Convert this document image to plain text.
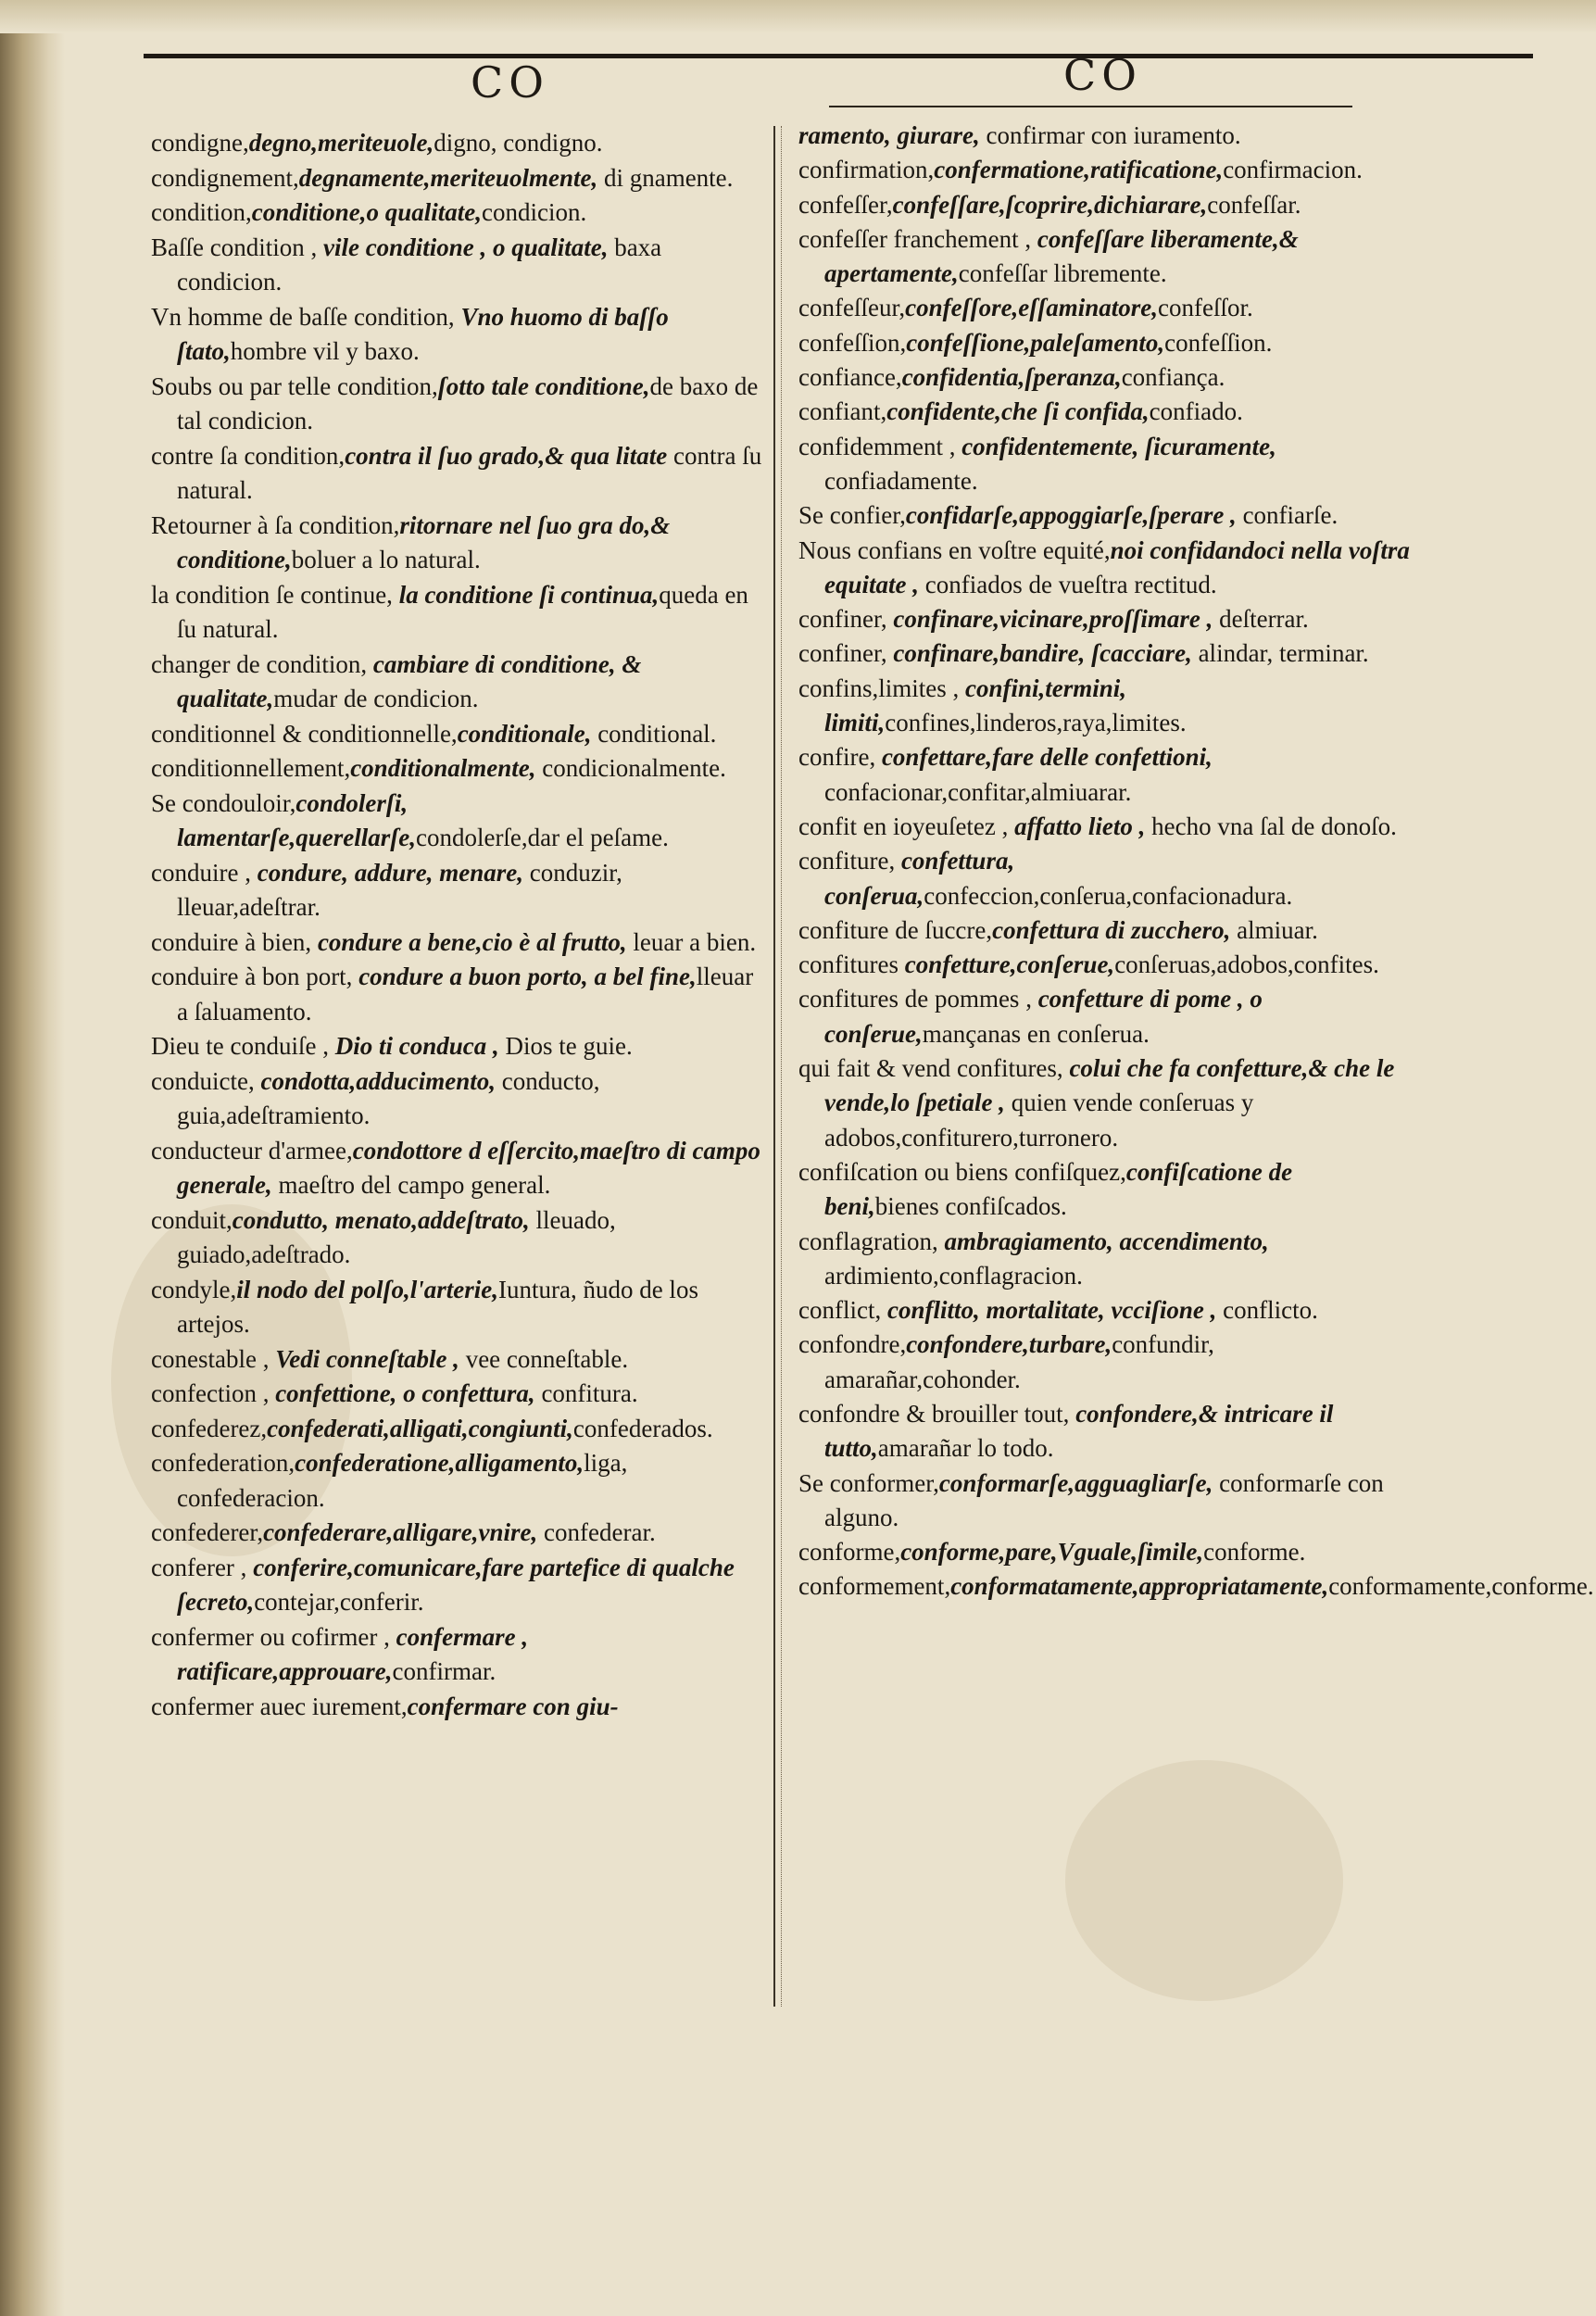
CO	CO

condigne,degno,meriteuole,digno, condigno.

condignement,degnamente,meriteuolmente, di gnamente.

condition,conditione,o qualitate,condicion.

Baſſe condition , vile conditione , o qualitate, baxa condicion.

Vn homme de baſſe condition, Vno huomo di baſſo ſtato,hombre vil y baxo.

Soubs ou par telle condition,ſotto tale conditione,de baxo de tal condicion.

contre ſa condition,contra il ſuo grado,& qua litate contra ſu natural.

Retourner à ſa condition,ritornare nel ſuo gra do,& conditione,boluer a lo natural.

la condition ſe continue, la conditione ſi continua,queda en ſu natural.

changer de condition, cambiare di conditione, & qualitate,mudar de condicion.

conditionnel & conditionnelle,conditionale, conditional.

conditionnellement,conditionalmente, condicionalmente.

Se condouloir,condolerſi, lamentarſe,querellarſe,condolerſe,dar el peſame.

conduire , condure, addure, menare, conduzir, lleuar,adeſtrar.

conduire à bien, condure a bene,cio è al frutto, leuar a bien.

conduire à bon port, condure a buon porto, a bel fine,lleuar a ſaluamento.

Dieu te conduiſe , Dio ti conduca , Dios te guie.

conduicte, condotta,adducimento, conducto, guia,adeſtramiento.

conducteur d'armee,condottore d eſſercito,maeſtro di campo generale, maeſtro del campo general.

conduit,condutto, menato,addeſtrato, lleuado, guiado,adeſtrado.

condyle,il nodo del polſo,l'arterie,Iuntura, ñudo de los artejos.

conestable , Vedi conneſtable , vee conneſtable.

confection , confettione, o confettura, confitura.

confederez,confederati,alligati,congiunti,confederados.

confederation,confederatione,alligamento,liga, confederacion.

confederer,confederare,alligare,vnire, confederar.

conferer , conferire,comunicare,fare partefice di qualche ſecreto,contejar,conferir.

confermer ou cofirmer , confermare , ratificare,approuare,confirmar.

confermer auec iurement,confermare con giu-

ramento, giurare, confirmar con iuramento.

confirmation,confermatione,ratificatione,confirmacion.

confeſſer,confeſſare,ſcoprire,dichiarare,confeſſar.

confeſſer franchement , confeſſare liberamente,& apertamente,confeſſar libremente.

confeſſeur,confeſſore,eſſaminatore,confeſſor.

confeſſion,confeſſione,paleſamento,confeſſion.

confiance,confidentia,ſperanza,confiança.

confiant,confidente,che ſi confida,confiado.

confidemment , confidentemente, ſicuramente, confiadamente.

Se confier,confidarſe,appoggiarſe,ſperare , confiarſe.

Nous confians en voſtre equité,noi confidandoci nella voſtra equitate , confiados de vueſtra rectitud.

confiner, confinare,vicinare,proſſimare , deſterrar.

confiner, confinare,bandire, ſcacciare, alindar, terminar.

confins,limites , confini,termini, limiti,confines,linderos,raya,limites.

confire, confettare,fare delle confettioni, confacionar,confitar,almiuarar.

confit en ioyeuſetez , affatto lieto , hecho vna ſal de donoſo.

confiture, confettura, conſerua,confeccion,conſerua,confacionadura.

confiture de ſuccre,confettura di zucchero, almiuar.

confitures confetture,conſerue,conſeruas,adobos,confites.

confitures de pommes , confetture di pome , o conſerue,mançanas en conſerua.

qui fait & vend confitures, colui che fa confetture,& che le vende,lo ſpetiale , quien vende conſeruas y adobos,confiturero,turronero.

confiſcation ou biens confiſquez,confiſcatione de beni,bienes confiſcados.

conflagration, ambragiamento, accendimento, ardimiento,conflagracion.

conflict, conflitto, mortalitate, vcciſione , conflicto.

confondre,confondere,turbare,confundir, amarañar,cohonder.

confondre & brouiller tout, confondere,& intricare il tutto,amarañar lo todo.

Se conformer,conformarſe,agguagliarſe, conformarſe con alguno.

conforme,conforme,pare,Vguale,ſimile,conforme.

conformement,conformatamente,appropriatamente,conformamente,conforme.
